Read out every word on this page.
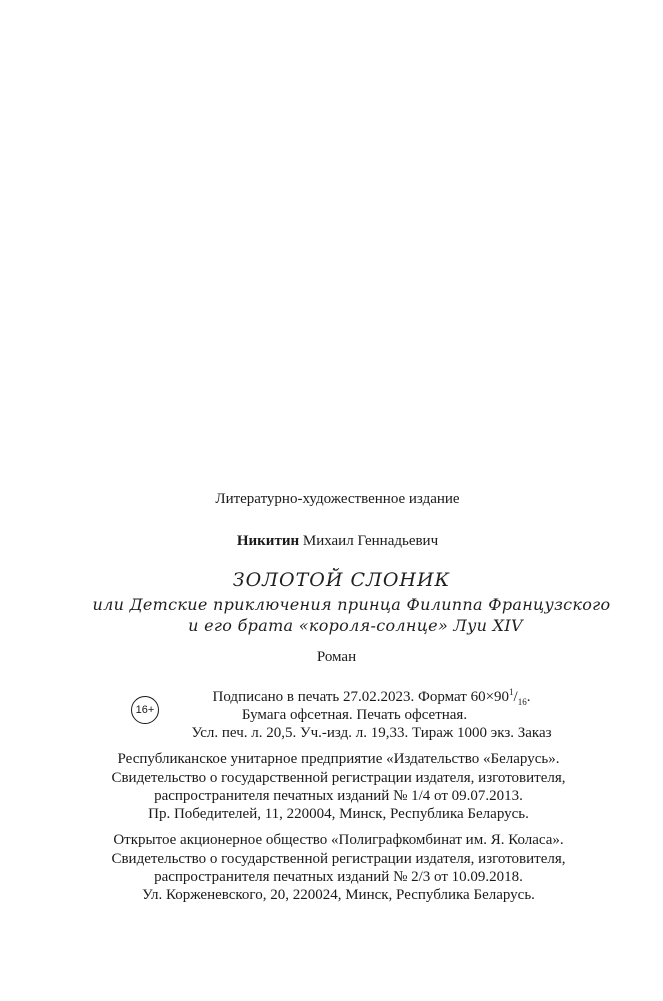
Литературно-художественное издание
Никитин Михаил Геннадьевич
ЗОЛОТОЙ СЛОНИК
или Детские приключения принца Филиппа Французского
и его брата «короля-солнце» Луи XIV
Роман
16+
Подписано в печать 27.02.2023. Формат $60\times 90^1/_{16}$.
Бумага офсетная. Печать офсетная.
Усл. печ. л. 20,5. Уч.-изд. л. 19,33. Тираж 1000 экз. Заказ
Республиканское унитарное предприятие «Издательство «Беларусь».
Свидетельство о государственной регистрации издателя, изготовителя,
распространителя печатных изданий № 1/4 от 09.07.2013.
Пр. Победителей, 11, 220004, Минск, Республика Беларусь.
Открытое акционерное общество «Полиграфкомбинат им. Я. Коласа».
Свидетельство о государственной регистрации издателя, изготовителя,
распространителя печатных изданий № 2/3 от 10.09.2018.
Ул. Корженевского, 20, 220024, Минск, Республика Беларусь.
